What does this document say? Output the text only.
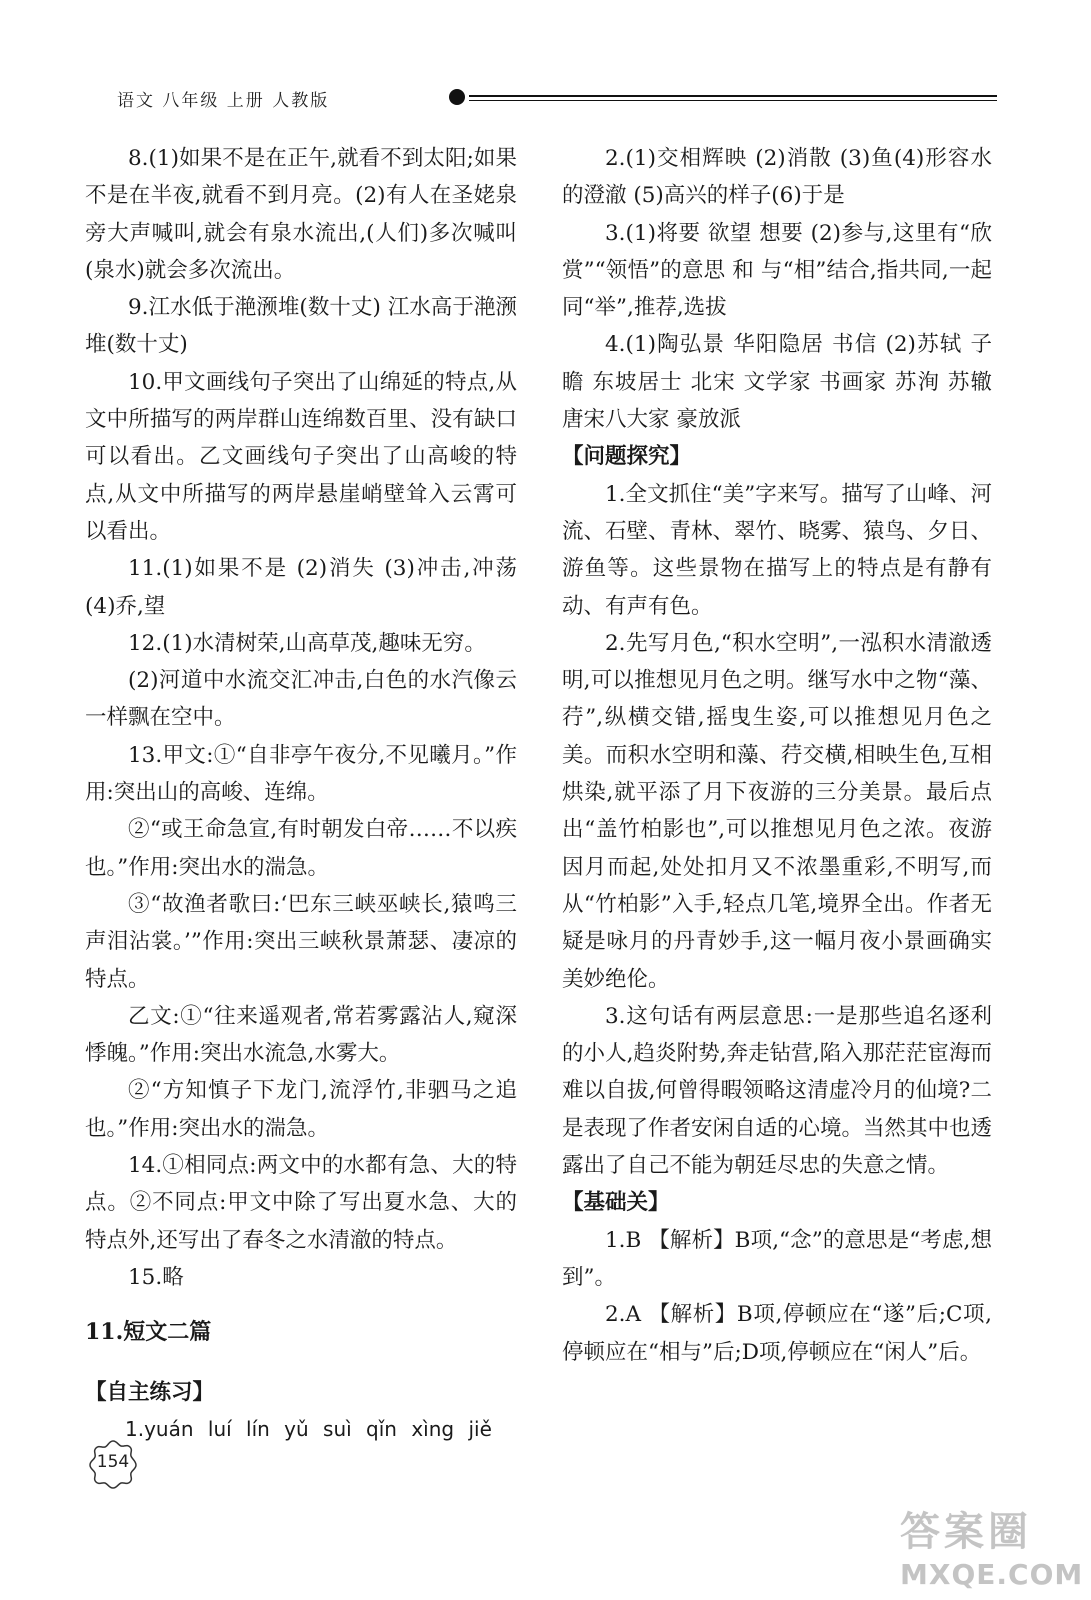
语文 八年级 上册 人教版

8.(1)如果不是在正午,就看不到太阳;如果不是在半夜,就看不到月亮。(2)有人在圣姥泉旁大声喊叫,就会有泉水流出,(人们)多次喊叫(泉水)就会多次流出。

9.江水低于滟滪堆(数十丈) 江水高于滟滪堆(数十丈)

10.甲文画线句子突出了山绵延的特点,从文中所描写的两岸群山连绵数百里、没有缺口可以看出。乙文画线句子突出了山高峻的特点,从文中所描写的两岸悬崖峭壁耸入云霄可以看出。

11.(1)如果不是 (2)消失 (3)冲击,冲荡 (4)乔,望

12.(1)水清树荣,山高草茂,趣味无穷。

(2)河道中水流交汇冲击,白色的水汽像云一样飘在空中。

13.甲文:①“自非亭午夜分,不见曦月。”作用:突出山的高峻、连绵。

②“或王命急宣,有时朝发白帝……不以疾也。”作用:突出水的湍急。

③“故渔者歌曰:‘巴东三峡巫峡长,猿鸣三声泪沾裳。’”作用:突出三峡秋景萧瑟、凄凉的特点。

乙文:①“往来遥观者,常若雾露沾人,窥深悸魄。”作用:突出水流急,水雾大。

②“方知慎子下龙门,流浮竹,非驷马之追也。”作用:突出水的湍急。

14.①相同点:两文中的水都有急、大的特点。②不同点:甲文中除了写出夏水急、大的特点外,还写出了春冬之水清澈的特点。

15.略

11.短文二篇

【自主练习】

1.yuán luí lín yǔ suì qǐn xìng jiě

2.(1)交相辉映 (2)消散 (3)鱼(4)形容水的澄澈 (5)高兴的样子(6)于是

3.(1)将要 欲望 想要 (2)参与,这里有“欣赏”“领悟”的意思 和 与“相”结合,指共同,一起 同“举”,推荐,选拔

4.(1)陶弘景 华阳隐居 书信 (2)苏轼 子瞻 东坡居士 北宋 文学家 书画家 苏洵 苏辙 唐宋八大家 豪放派

【问题探究】

1.全文抓住“美”字来写。描写了山峰、河流、石壁、青林、翠竹、晓雾、猿鸟、夕日、游鱼等。这些景物在描写上的特点是有静有动、有声有色。

2.先写月色,“积水空明”,一泓积水清澈透明,可以推想见月色之明。继写水中之物“藻、荇”,纵横交错,摇曳生姿,可以推想见月色之美。而积水空明和藻、荇交横,相映生色,互相烘染,就平添了月下夜游的三分美景。最后点出“盖竹柏影也”,可以推想见月色之浓。夜游因月而起,处处扣月又不浓墨重彩,不明写,而从“竹柏影”入手,轻点几笔,境界全出。作者无疑是咏月的丹青妙手,这一幅月夜小景画确实美妙绝伦。

3.这句话有两层意思:一是那些追名逐利的小人,趋炎附势,奔走钻营,陷入那茫茫宦海而难以自拔,何曾得暇领略这清虚冷月的仙境?二是表现了作者安闲自适的心境。当然其中也透露出了自己不能为朝廷尽忠的失意之情。

【基础关】

1.B 【解析】B项,“念”的意思是“考虑,想到”。

2.A 【解析】B项,停顿应在“遂”后;C项,停顿应在“相与”后;D项,停顿应在“闲人”后。

154
答案圈
MXQE.COM
